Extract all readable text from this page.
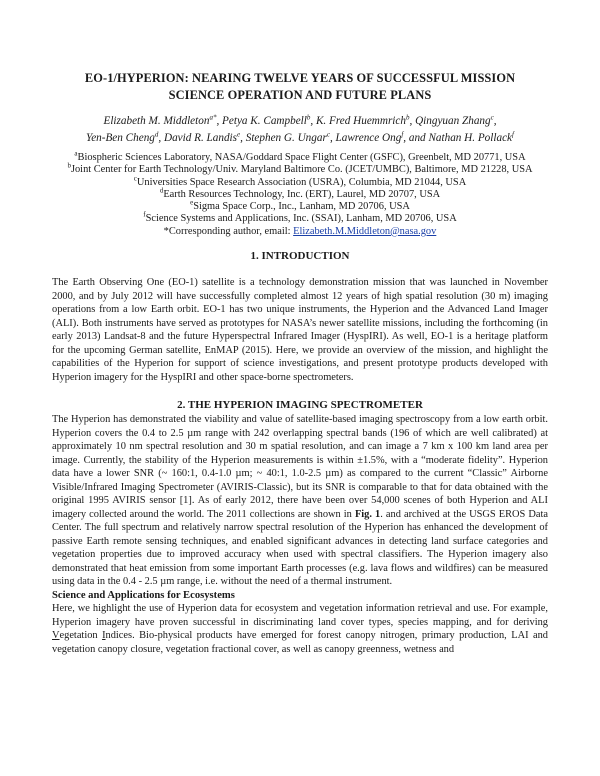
EO-1/HYPERION: NEARING TWELVE YEARS OF SUCCESSFUL MISSION
SCIENCE OPERATION AND FUTURE PLANS
Elizabeth M. Middleton$^{a*}$, Petya K. Campbell$^b$, K. Fred Huemmrich$^b$, Qingyuan Zhang$^c$,
Yen-Ben Cheng$^d$, David R. Landis$^e$, Stephen G. Ungar$^c$, Lawrence Ong$^f$, and Nathan H. Pollack$^f$
$^a$Biospheric Sciences Laboratory, NASA/Goddard Space Flight Center (GSFC), Greenbelt, MD 20771, USA
$^b$Joint Center for Earth Technology/Univ. Maryland Baltimore Co. (JCET/UMBC), Baltimore, MD 21228, USA
$^c$Universities Space Research Association (USRA), Columbia, MD 21044, USA
$^d$Earth Resources Technology, Inc. (ERT), Laurel, MD 20707, USA
$^e$Sigma Space Corp., Inc., Lanham, MD 20706, USA
$^f$Science Systems and Applications, Inc. (SSAI), Lanham, MD 20706, USA
*Corresponding author, email: Elizabeth.M.Middleton@nasa.gov
1. INTRODUCTION

The Earth Observing One (EO-1) satellite is a technology demonstration mission that was launched in November 2000, and by July 2012 will have successfully completed almost 12 years of high spatial resolution (30 m) imaging operations from a low Earth orbit. EO-1 has two unique instruments, the Hyperion and the Advanced Land Imager (ALI). Both instruments have served as prototypes for NASA’s newer satellite missions, including the forthcoming (in early 2013) Landsat-8 and the future Hyperspectral Infrared Imager (HyspIRI). As well, EO-1 is a heritage platform for the upcoming German satellite, EnMAP (2015). Here, we provide an overview of the mission, and highlight the capabilities of the Hyperion for support of science investigations, and present prototype products developed with Hyperion imagery for the HyspIRI and other space-borne spectrometers.

2. THE HYPERION IMAGING SPECTROMETER

The Hyperion has demonstrated the viability and value of satellite-based imaging spectroscopy from a low earth orbit. Hyperion covers the 0.4 to 2.5 µm range with 242 overlapping spectral bands (196 of which are well calibrated) at approximately 10 nm spectral resolution and 30 m spatial resolution, and can image a 7 km x 100 km land area per image. Currently, the stability of the Hyperion measurements is within ±1.5%, with a “moderate fidelity”. Hyperion data have a lower SNR (~ 160:1, 0.4-1.0 µm; ~ 40:1, 1.0-2.5 µm) as compared to the current “Classic” Airborne Visible/Infrared Imaging Spectrometer (AVIRIS-Classic), but its SNR is comparable to that for data obtained with the original 1995 AVIRIS sensor [1]. As of early 2012, there have been over 54,000 scenes of both Hyperion and ALI imagery collected around the world. The 2011 collections are shown in Fig. 1. and archived at the USGS EROS Data Center. The full spectrum and relatively narrow spectral resolution of the Hyperion has enhanced the development of passive Earth remote sensing techniques, and enabled significant advances in detecting land surface categories and vegetation properties due to improved accuracy when used with spectral classifiers. The Hyperion imagery also demonstrated that heat emission from some important Earth processes (e.g. lava flows and wildfires) can be measured using data in the 0.4 - 2.5 µm range, i.e. without the need of a thermal instrument.

Science and Applications for Ecosystems

Here, we highlight the use of Hyperion data for ecosystem and vegetation information retrieval and use. For example, Hyperion imagery have proven successful in discriminating land cover types, species mapping, and for deriving Vegetation Indices. Bio-physical products have emerged for forest canopy nitrogen, primary production, LAI and vegetation canopy closure, vegetation fractional cover, as well as canopy greenness, wetness and
